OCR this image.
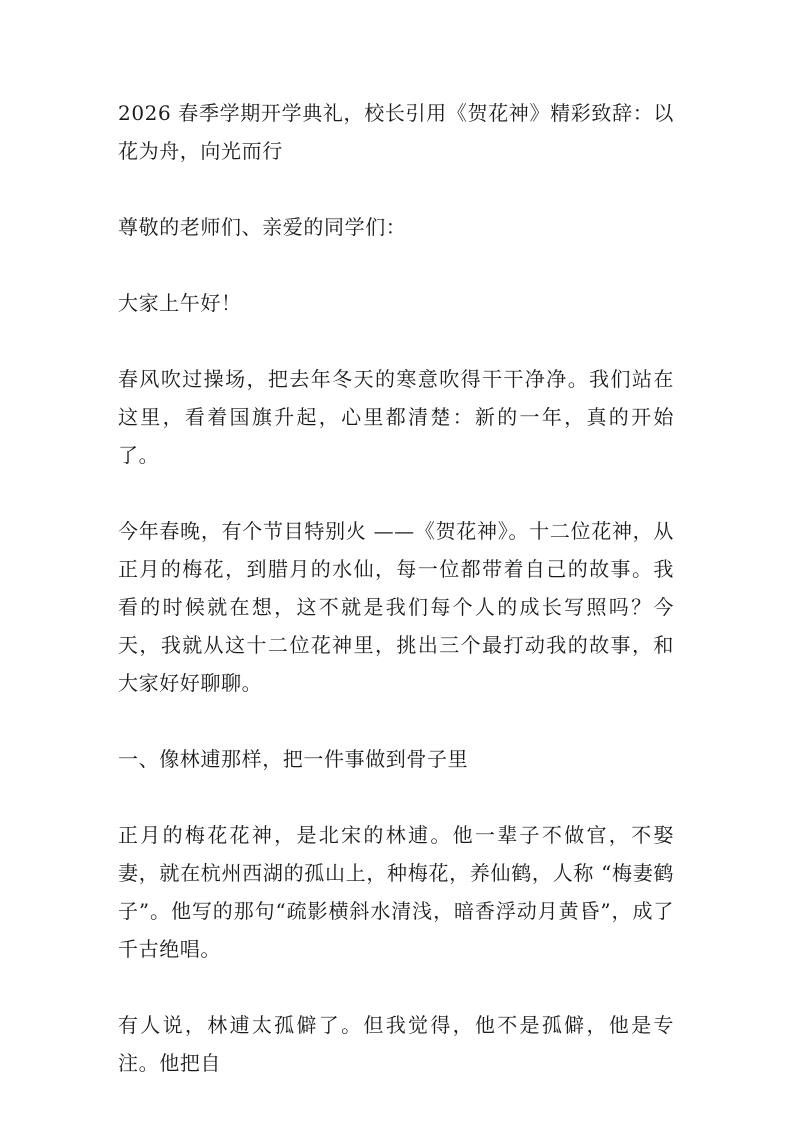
2026 春季学期开学典礼，校长引用《贺花神》精彩致辞：以花为舟，向光而行

尊敬的老师们、亲爱的同学们：

大家上午好！

春风吹过操场，把去年冬天的寒意吹得干干净净。我们站在这里，看着国旗升起，心里都清楚：新的一年，真的开始了。

今年春晚，有个节目特别火 ——《贺花神》。十二位花神，从正月的梅花，到腊月的水仙，每一位都带着自己的故事。我看的时候就在想，这不就是我们每个人的成长写照吗？今天，我就从这十二位花神里，挑出三个最打动我的故事，和大家好好聊聊。

一、像林逋那样，把一件事做到骨子里

正月的梅花花神，是北宋的林逋。他一辈子不做官，不娶妻，就在杭州西湖的孤山上，种梅花，养仙鹤，人称 “梅妻鹤子”。他写的那句“疏影横斜水清浅，暗香浮动月黄昏”，成了千古绝唱。

有人说，林逋太孤僻了。但我觉得，他不是孤僻，他是专注。他把自
